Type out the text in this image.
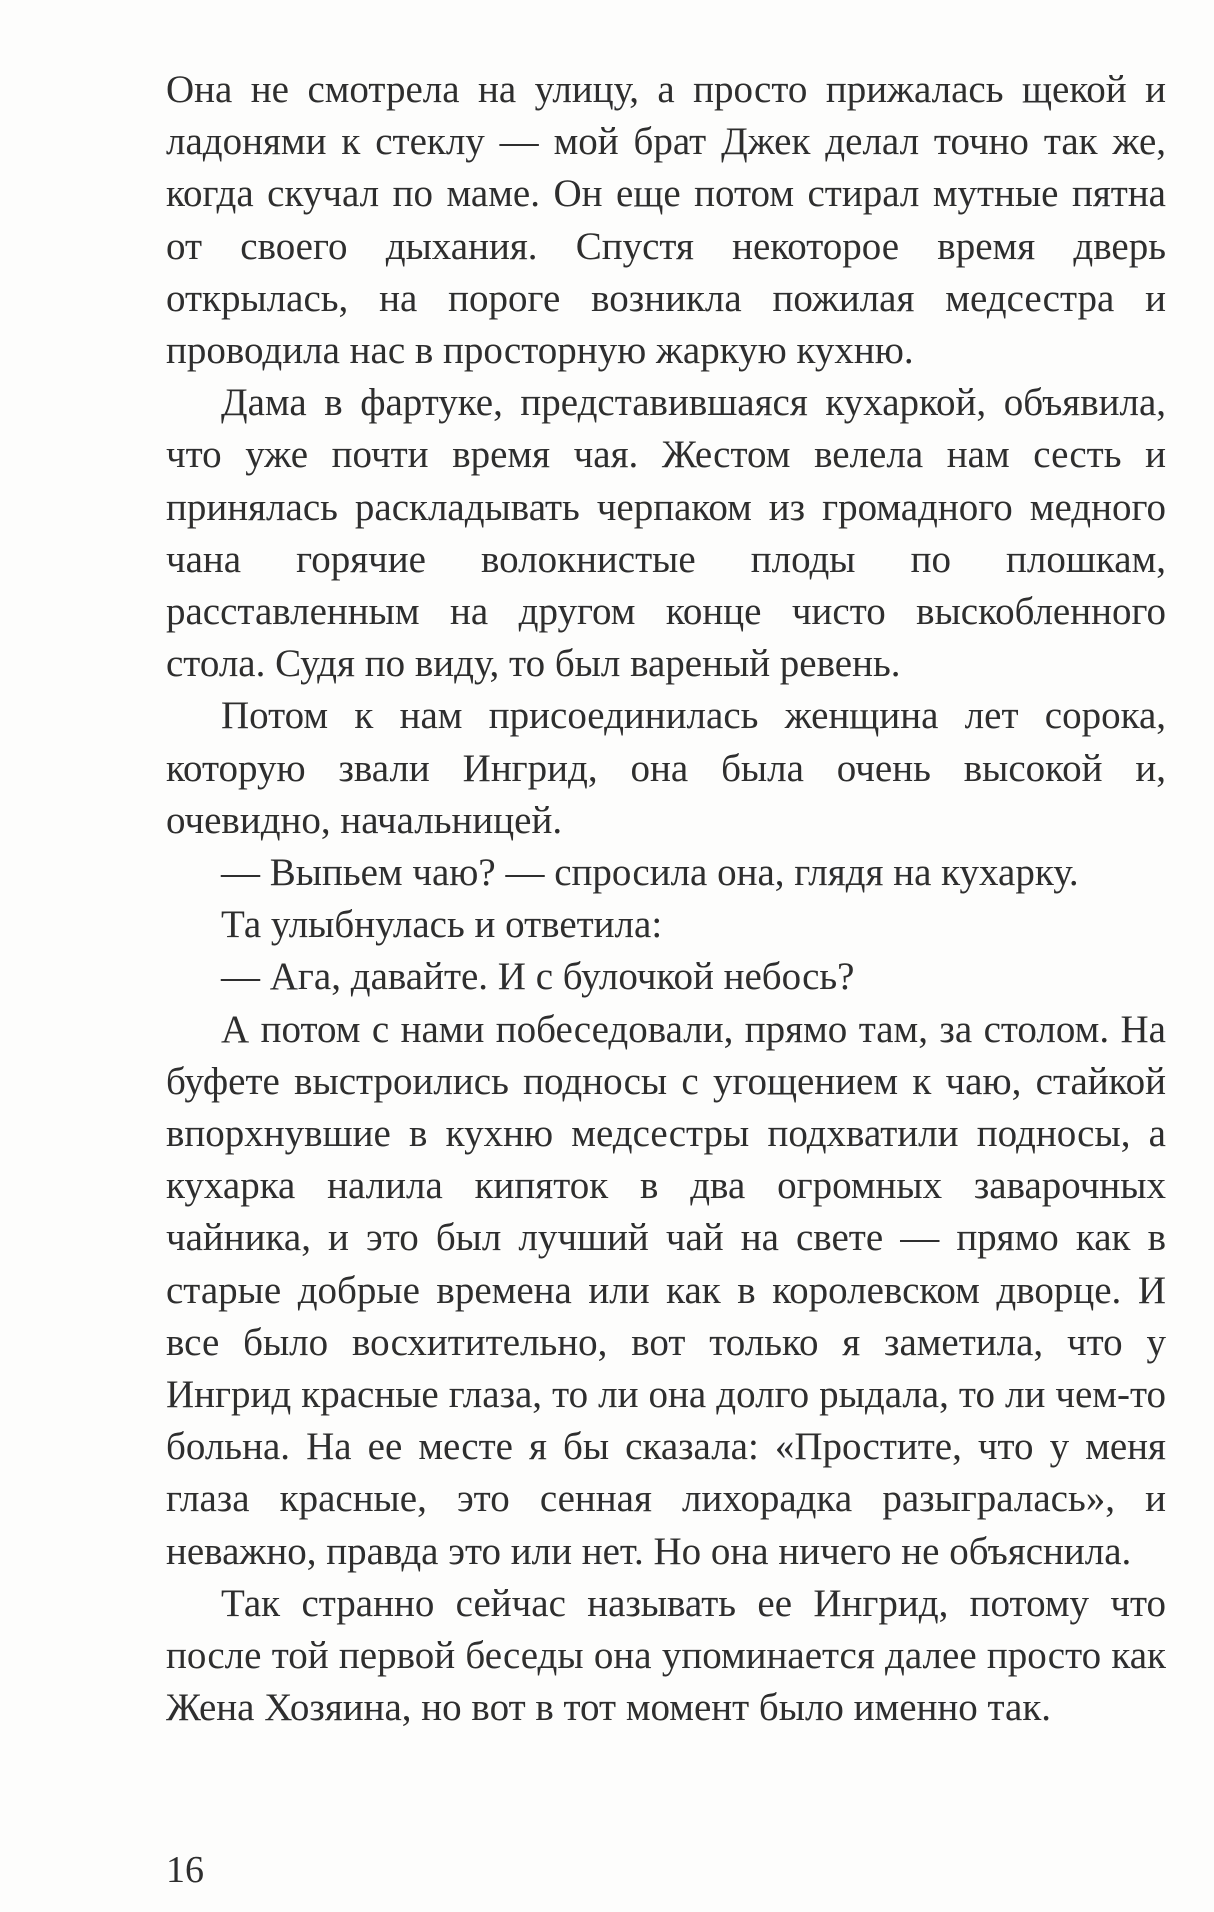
Она не смотрела на улицу, а просто прижалась щекой и ладонями к стеклу — мой брат Джек делал точно так же, когда скучал по маме. Он еще потом стирал мутные пятна от своего дыхания. Спустя некоторое время дверь открылась, на пороге возникла пожилая медсестра и проводила нас в просторную жаркую кухню.

Дама в фартуке, представившаяся кухаркой, объявила, что уже почти время чая. Жестом велела нам сесть и принялась раскладывать черпаком из громадного медного чана горячие волокнистые плоды по плошкам, расставленным на другом конце чисто выскобленного стола. Судя по виду, то был вареный ревень.

Потом к нам присоединилась женщина лет сорока, которую звали Ингрид, она была очень высокой и, очевидно, начальницей.

— Выпьем чаю? — спросила она, глядя на кухарку.

Та улыбнулась и ответила:

— Ага, давайте. И с булочкой небось?

А потом с нами побеседовали, прямо там, за столом. На буфете выстроились подносы с угощением к чаю, стайкой впорхнувшие в кухню медсестры подхватили подносы, а кухарка налила кипяток в два огромных заварочных чайника, и это был лучший чай на свете — прямо как в старые добрые времена или как в королевском дворце. И все было восхитительно, вот только я заметила, что у Ингрид красные глаза, то ли она долго рыдала, то ли чем-то больна. На ее месте я бы сказала: «Простите, что у меня глаза красные, это сенная лихорадка разыгралась», и неважно, правда это или нет. Но она ничего не объяснила.

Так странно сейчас называть ее Ингрид, потому что после той первой беседы она упоминается далее просто как Жена Хозяина, но вот в тот момент было именно так.

16
